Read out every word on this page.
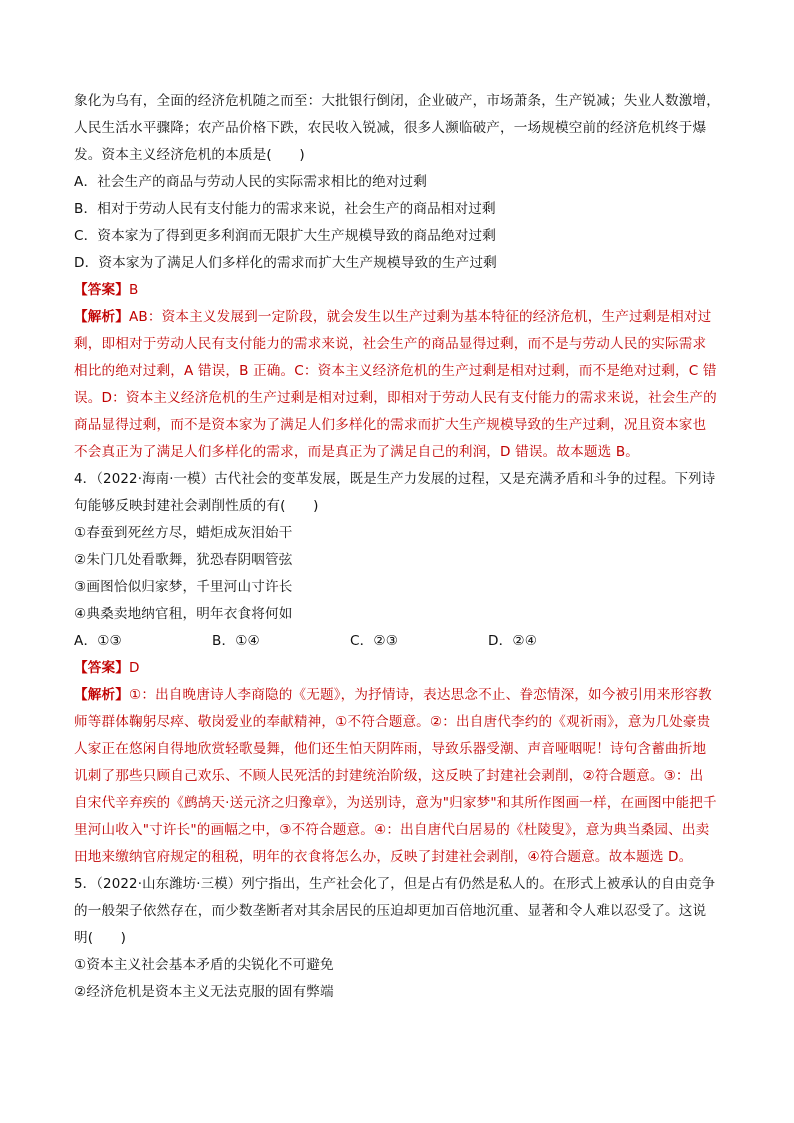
象化为乌有，全面的经济危机随之而至：大批银行倒闭，企业破产，市场萧条，生产锐减；失业人数激增，
人民生活水平骤降；农产品价格下跌，农民收入锐减，很多人濒临破产，一场规模空前的经济危机终于爆
发。资本主义经济危机的本质是(　　)
A．社会生产的商品与劳动人民的实际需求相比的绝对过剩
B．相对于劳动人民有支付能力的需求来说，社会生产的商品相对过剩
C．资本家为了得到更多利润而无限扩大生产规模导致的商品绝对过剩
D．资本家为了满足人们多样化的需求而扩大生产规模导致的生产过剩
【答案】B
【解析】AB：资本主义发展到一定阶段，就会发生以生产过剩为基本特征的经济危机，生产过剩是相对过
剩，即相对于劳动人民有支付能力的需求来说，社会生产的商品显得过剩，而不是与劳动人民的实际需求
相比的绝对过剩，A 错误，B 正确。C：资本主义经济危机的生产过剩是相对过剩，而不是绝对过剩，C 错
误。D：资本主义经济危机的生产过剩是相对过剩，即相对于劳动人民有支付能力的需求来说，社会生产的
商品显得过剩，而不是资本家为了满足人们多样化的需求而扩大生产规模导致的生产过剩，况且资本家也
不会真正为了满足人们多样化的需求，而是真正为了满足自己的利润，D 错误。故本题选 B。
4．（2022·海南·一模）古代社会的变革发展，既是生产力发展的过程，又是充满矛盾和斗争的过程。下列诗
句能够反映封建社会剥削性质的有(　　)
①春蚕到死丝方尽，蜡炬成灰泪始干
②朱门几处看歌舞，犹恐春阴咽管弦
③画图恰似归家梦，千里河山寸许长
④典桑卖地纳官租，明年衣食将何如
A．①③	B．①④	C．②③	D．②④
【答案】D
【解析】①：出自晚唐诗人李商隐的《无题》，为抒情诗，表达思念不止、眷恋情深，如今被引用来形容教
师等群体鞠躬尽瘁、敬岗爱业的奉献精神，①不符合题意。②：出自唐代李约的《观祈雨》，意为几处豪贵
人家正在悠闲自得地欣赏轻歌曼舞，他们还生怕天阴阵雨，导致乐器受潮、声音哑咽呢！诗句含蓄曲折地
讥刺了那些只顾自己欢乐、不顾人民死活的封建统治阶级，这反映了封建社会剥削，②符合题意。③：出
自宋代辛弃疾的《鹧鸪天·送元济之归豫章》，为送别诗，意为"归家梦"和其所作图画一样，在画图中能把千
里河山收入"寸许长"的画幅之中，③不符合题意。④：出自唐代白居易的《杜陵叟》，意为典当桑园、出卖
田地来缴纳官府规定的租税，明年的衣食将怎么办，反映了封建社会剥削，④符合题意。故本题选 D。
5．（2022·山东潍坊·三模）列宁指出，生产社会化了，但是占有仍然是私人的。在形式上被承认的自由竞争
的一般架子依然存在，而少数垄断者对其余居民的压迫却更加百倍地沉重、显著和令人难以忍受了。这说
明(　　)
①资本主义社会基本矛盾的尖锐化不可避免
②经济危机是资本主义无法克服的固有弊端
